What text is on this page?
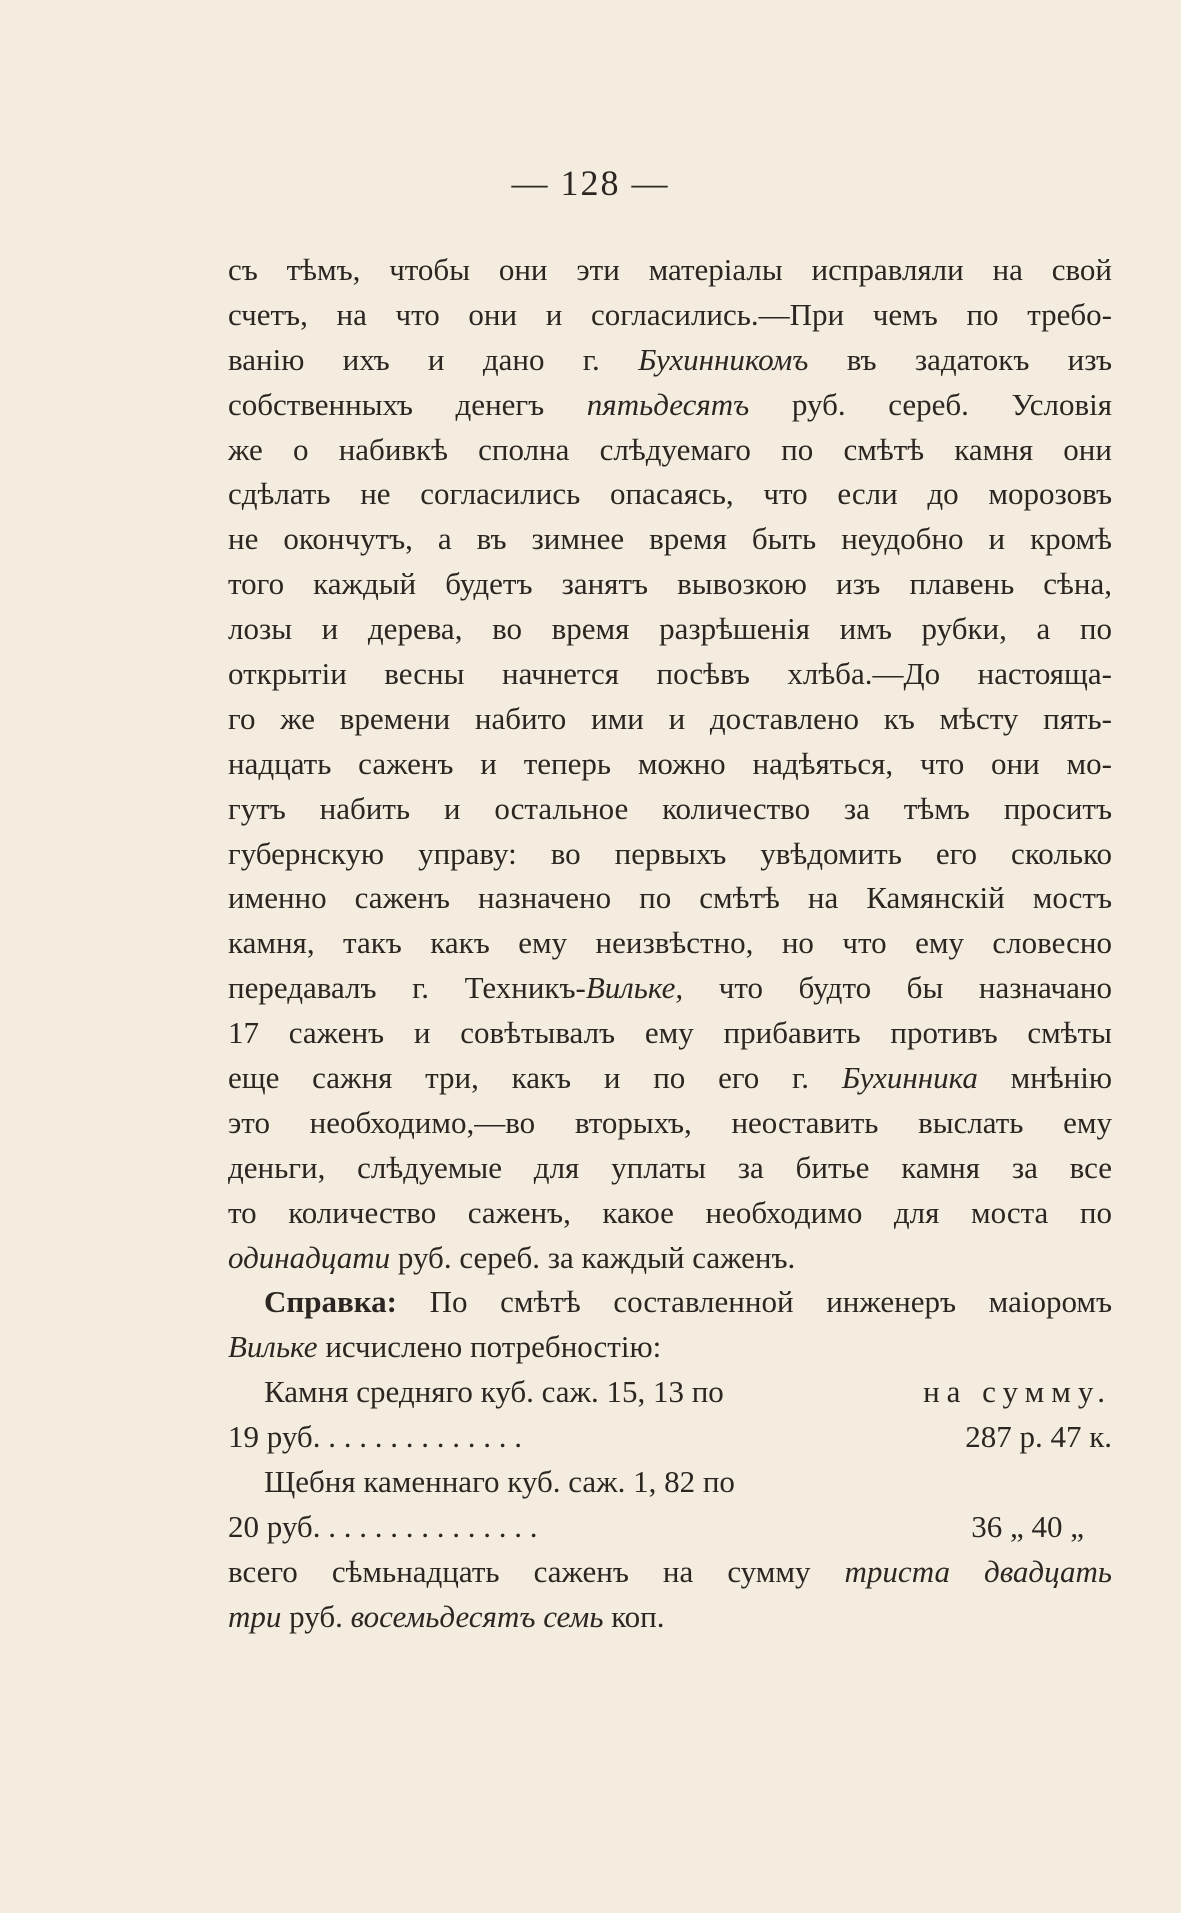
— 128 —
съ тѣмъ, чтобы они эти матеріалы исправляли на свой
счетъ, на что они и согласились.—При чемъ по требо-
ванію ихъ и дано г. Бухинникомъ въ задатокъ изъ
собственныхъ денегъ пятьдесятъ руб. сереб. Условія
же о набивкѣ сполна слѣдуемаго по смѣтѣ камня они
сдѣлать не согласились опасаясь, что если до морозовъ
не окончутъ, а въ зимнее время быть неудобно и кромѣ
того каждый будетъ занятъ вывозкою изъ плавень сѣна,
лозы и дерева, во время разрѣшенія имъ рубки, а по
открытіи весны начнется посѣвъ хлѣба.—До настояща-
го же времени набито ими и доставлено къ мѣсту пять-
надцать саженъ и теперь можно надѣяться, что они мо-
гутъ набить и остальное количество за тѣмъ проситъ
губернскую управу: во первыхъ увѣдомить его сколько
именно саженъ назначено по смѣтѣ на Камянскій мостъ
камня, такъ какъ ему неизвѣстно, но что ему словесно
передавалъ г. Техникъ-Вильке, что будто бы назначано
17 саженъ и совѣтывалъ ему прибавить противъ смѣты
еще сажня три, какъ и по его г. Бухинника мнѣнію
это необходимо,—во вторыхъ, неоставить выслать ему
деньги, слѣдуемые для уплаты за битье камня за все
то количество саженъ, какое необходимо для моста по
одинадцати руб. сереб. за каждый саженъ.
Справка: По смѣтѣ составленной инженеръ маіоромъ
Вильке исчислено потребностію:
Камня средняго куб. саж. 15, 13 по	на сумму.
19 руб. . . . . . . . . . . . . .	287 р. 47 к.
Щебня каменнаго куб. саж. 1, 82 по
20 руб. . . . . . . . . . . . . . .	36 „ 40 „
всего сѣмьнадцать саженъ на сумму триста двадцать
три руб. восемьдесятъ семь коп.
